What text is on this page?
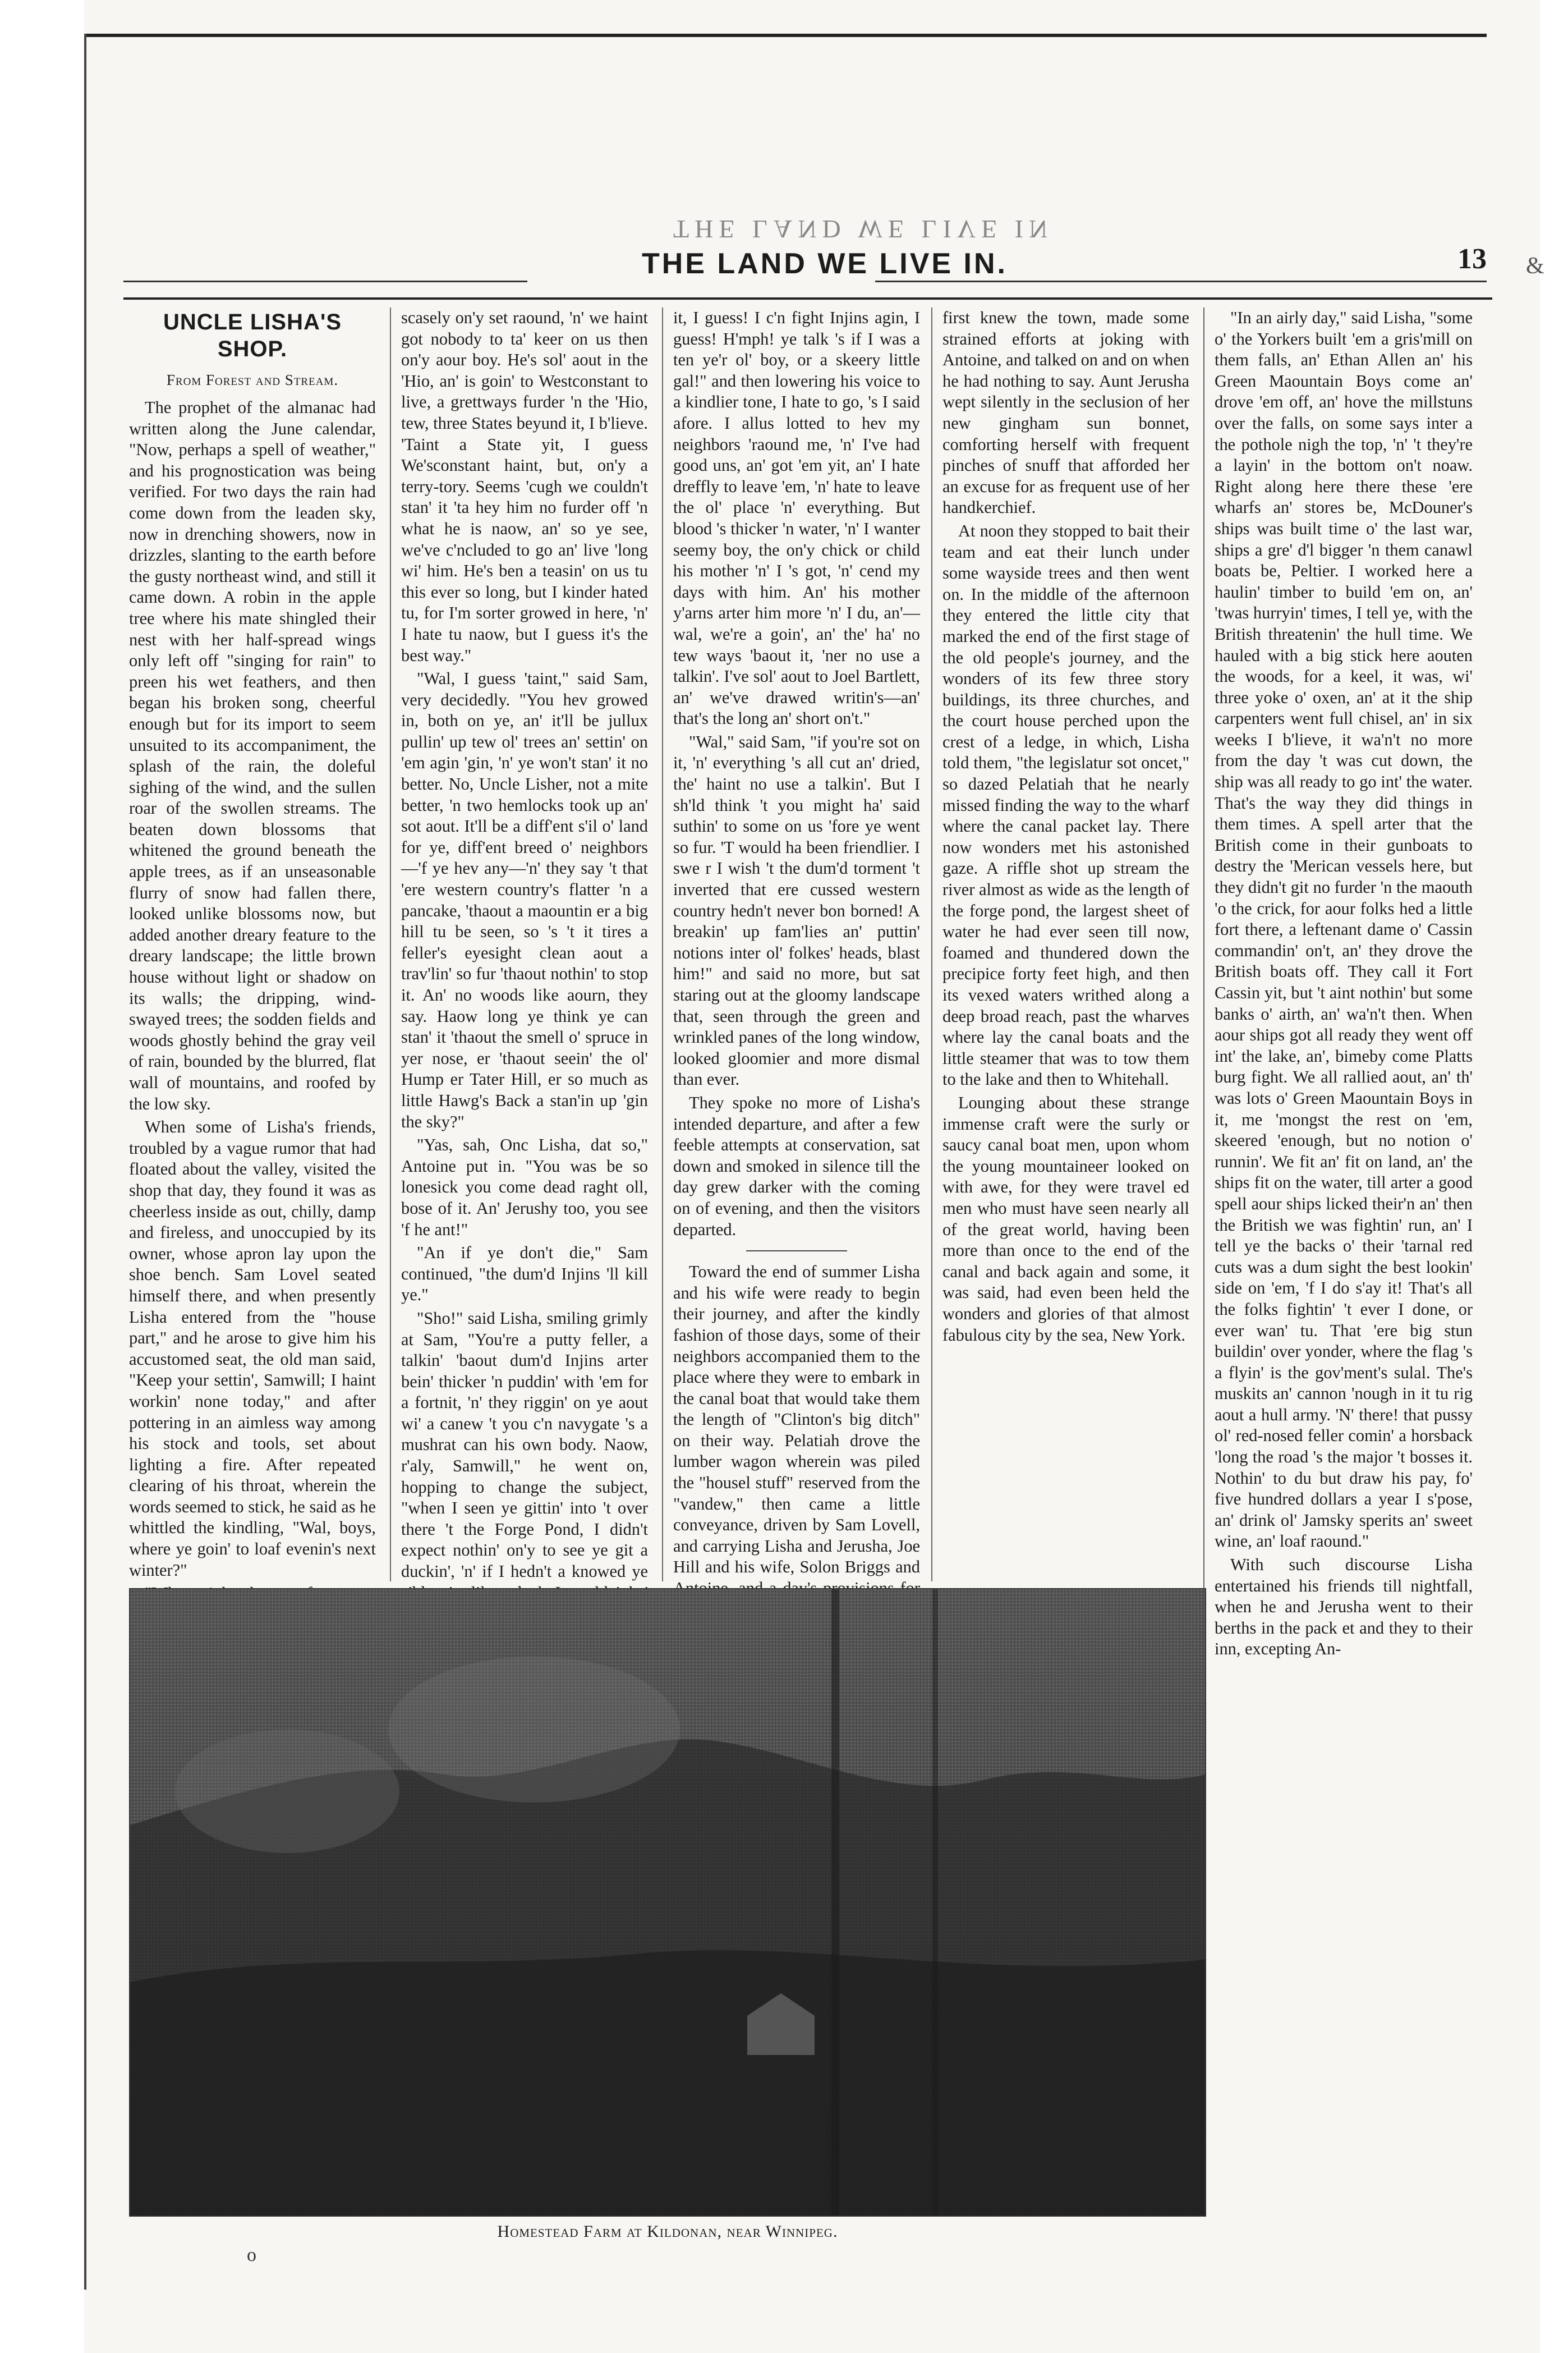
THE LAND WE LIVE IN
THE LAND WE LIVE IN.	13 &
UNCLE LISHA'S SHOP.
From Forest and Stream.

The prophet of the almanac had written along the June calendar, "Now, perhaps a spell of weather," and his prognostication was being verified. For two days the rain had come down from the leaden sky, now in drenching showers, now in drizzles, slanting to the earth before the gusty northeast wind, and still it came down. A robin in the apple tree where his mate shingled their nest with her half-spread wings only left off "singing for rain" to preen his wet feathers, and then began his broken song, cheerful enough but for its import to seem unsuited to its accompaniment, the splash of the rain, the doleful sighing of the wind, and the sullen roar of the swollen streams. The beaten down blossoms that whitened the ground beneath the apple trees, as if an unseasonable flurry of snow had fallen there, looked unlike blossoms now, but added another dreary feature to the dreary landscape; the little brown house without light or shadow on its walls; the dripping, wind-swayed trees; the sodden fields and woods ghostly behind the gray veil of rain, bounded by the blurred, flat wall of mountains, and roofed by the low sky.

When some of Lisha's friends, troubled by a vague rumor that had floated about the valley, visited the shop that day, they found it was as cheerless inside as out, chilly, damp and fireless, and unoccupied by its owner, whose apron lay upon the shoe bench. Sam Lovel seated himself there, and when presently Lisha entered from the "house part," and he arose to give him his accustomed seat, the old man said, "Keep your settin', Samwill; I haint workin' none today," and after pottering in an aimless way among his stock and tools, set about lighting a fire. After repeated clearing of his throat, wherein the words seemed to stick, he said as he whittled the kindling, "Wal, boys, where ye goin' to loaf evenin's next winter?"

scasely on'y set raound, 'n' we haint got nobody to ta' keer on us then on'y aour boy. He's sol' aout in the 'Hio, an' is goin' to Westconstant to live, a grettways furder 'n the 'Hio, tew, three States beyund it, I b'lieve. 'Taint a State yit, I guess We'sconstant haint, but, on'y a terry-tory. Seems 'cugh we couldn't stan' it 'ta hey him no furder off 'n what he is naow, an' so ye see, we've c'ncluded to go an' live 'long wi' him. He's ben a teasin' on us tu this ever so long, but I kinder hated tu, for I'm sorter growed in here, 'n' I hate tu naow, but I guess it's the best way."

"Wal, I guess 'taint," said Sam, very decidedly. "You hev growed in, both on ye, an' it'll be jullux pullin' up tew ol' trees an' settin' on 'em agin 'gin, 'n' ye won't stan' it no better. No, Uncle Lisher, not a mite better, 'n two hemlocks took up an' sot aout. It'll be a diff'ent s'il o' land for ye, diff'ent breed o' neighbors—'f ye hev any—'n' they say 't that 'ere western country's flatter 'n a pancake, 'thaout a maountin er a big hill tu be seen, so 's 't it tires a feller's eyesight clean aout a trav'lin' so fur 'thaout nothin' to stop it. An' no woods like aourn, they say. Haow long ye think ye can stan' it 'thaout the smell o' spruce in yer nose, er 'thaout seein' the ol' Hump er Tater Hill, er so much as little Hawg's Back a stan'in up 'gin the sky?"

"Yas, sah, Onc Lisha, dat so," Antoine put in. "You was be so lonesick you come dead raght oll, bose of it. An' Jerushy too, you see 'f he ant!"

"An if ye don't die," Sam continued, "the dum'd Injins 'll kill ye."

"Sho!" said Lisha, smiling grimly at Sam, "You're a putty feller, a talkin' 'baout dum'd Injins arter bein' thicker 'n puddin' with 'em for a fortnit, 'n' they riggin' on ye aout wi' a canew 't you c'n navygate 's a mushrat can his own body. Naow, r'aly, Samwill," he went on, hopping to change the subject, "when I seen ye gittin' into 't over there 't the Forge Pond, I didn't expect nothin' on'y to see ye git a duckin', 'n' if I hedn't a knowed ye

it, I guess! I c'n fight Injins agin, I guess! H'mph! ye talk 's if I was a ten ye'r ol' boy, or a skeery little gal!" and then lowering his voice to a kindlier tone, I hate to go, 's I said afore. I allus lotted to hev my neighbors 'raound me, 'n' I've had good uns, an' got 'em yit, an' I hate dreffly to leave 'em, 'n' hate to leave the ol' place 'n' everything. But blood 's thicker 'n water, 'n' I wanter seemy boy, the on'y chick or child his mother 'n' I 's got, 'n' cend my days with him. An' his mother y'arns arter him more 'n' I du, an'—wal, we're a goin', an' the' ha' no tew ways 'baout it, 'ner no use a talkin'. I've sol' aout to Joel Bartlett, an' we've drawed writin's—an' that's the long an' short on't."

"Wal," said Sam, "if you're sot on it, 'n' everything 's all cut an' dried, the' haint no use a talkin'. But I sh'ld think 't you might ha' said suthin' to some on us 'fore ye went so fur. 'T would ha been friendlier. I swe r I wish 't the dum'd torment 't inverted that ere cussed western country hedn't never bon borned! A breakin' up fam'lies an' puttin' notions inter ol' folkes' heads, blast him!" and said no more, but sat staring out at the gloomy landscape that, seen through the green and wrinkled panes of the long window, looked gloomier and more dismal than ever.

They spoke no more of Lisha's intended departure, and after a few feeble attempts at conservation, sat down and smoked in silence till the day grew darker with the coming on of evening, and then the visitors departed.

Toward the end of summer Lisha and his wife were ready to begin their journey, and after the kindly fashion of those days, some of their neighbors accompanied them to the place where they were to embark in the canal boat that would take them the length of "Clinton's big ditch" on their way. Pelatiah drove the lumber wagon wherein was piled the "housel stuff" reserved from the "vandew," then came a little conveyance, driven by Sam Lovell, and carrying Lisha and Jerusha, Joe Hill and his wife, Solon Briggs and

first knew the town, made some strained efforts at joking with Antoine, and talked on and on when he had nothing to say. Aunt Jerusha wept silently in the seclusion of her new gingham sun bonnet, comforting herself with frequent pinches of snuff that afforded her an excuse for as frequent use of her handkerchief.

At noon they stopped to bait their team and eat their lunch under some wayside trees and then went on. In the middle of the afternoon they entered the little city that marked the end of the first stage of the old people's journey, and the wonders of its few three story buildings, its three churches, and the court house perched upon the crest of a ledge, in which, Lisha told them, "the legislatur sot oncet," so dazed Pelatiah that he nearly missed finding the way to the wharf where the canal packet lay. There now wonders met his astonished gaze. A riffle shot up stream the river almost as wide as the length of the forge pond, the largest sheet of water he had ever seen till now, foamed and thundered down the precipice forty feet high, and then its vexed waters writhed along a deep broad reach, past the wharves where lay the canal boats and the little steamer that was to tow them to the lake and then to Whitehall.

Lounging about these strange immense craft were the surly or saucy canal boat men, upon whom the young mountaineer looked on with awe, for they were travel ed men who must have seen nearly all of the great world, having been more than once to the end of the canal and back again and some, it was said, had even been held the wonders and glories of that almost fabulous city by the sea, New York.

"In an airly day," said Lisha, "some o' the Yorkers built 'em a gris'mill on them falls, an' Ethan Allen an' his Green Maountain Boys come an' drove 'em off, an' hove the millstuns over the falls, on some says inter a the pothole nigh the top, 'n' 't they're a layin' in the bottom on't noaw. Right along here there these 'ere wharfs an' stores be, McDouner's ships was built time o' the last war, ships a gre' d'l bigger 'n them canawl boats be, Peltier. I worked here a haulin' timber to build 'em on, an' 'twas hurryin' times, I tell ye, with the British threatenin' the hull time. We hauled with a big stick here aouten the woods, for a keel, it was, wi' three yoke o' oxen, an' at it the ship carpenters went full chisel, an' in six weeks I b'lieve, it wa'n't no more from the day 't was cut down, the ship was all ready to go int' the water. That's the way they did things in them times. A spell arter that the British come in their gunboats to destry the 'Merican vessels here, but they didn't git no furder 'n the maouth 'o the crick, for aour folks hed a little fort there, a leftenant dame o' Cassin commandin' on't, an' they drove the British boats off. They call it Fort Cassin yit, but 't aint nothin' but some banks o' airth, an' wa'n't then. When aour ships got all ready they went off int' the lake, an', bimeby come Platts burg fight. We all rallied aout, an' th' was lots o' Green Maountain Boys in it, me 'mongst the rest on 'em, skeered 'enough, but no notion o' runnin'. We fit an' fit on land, an' the ships fit on the water, till arter a good spell aour ships licked their'n an' then the British we was fightin' run, an' I tell ye the backs o' their 'tarnal red cuts was a dum sight the best lookin' side on 'em, 'f I do s'ay it! That's all the folks fightin' 't ever I done, or ever wan' tu. That 'ere big stun buildin' over yonder, where the flag 's a flyin' is the gov'ment's sulal. The's muskits an' cannon 'nough in it tu rig aout a hull army. 'N' there! that pussy ol' red-nosed feller comin' a horsback 'long the road 's the major 't bosses it. Nothin' to du but draw his pay, fo' five hundred dollars a year I s'pose, an' drink ol' Jamsky sperits an' sweet wine, an' loaf raound."

With such discourse Lisha entertained his friends till nightfall, when he and Jerusha went to their berths in the pack et and they to their inn, excepting An-

Homestead Farm at Kildonan, near Winnipeg.
o
